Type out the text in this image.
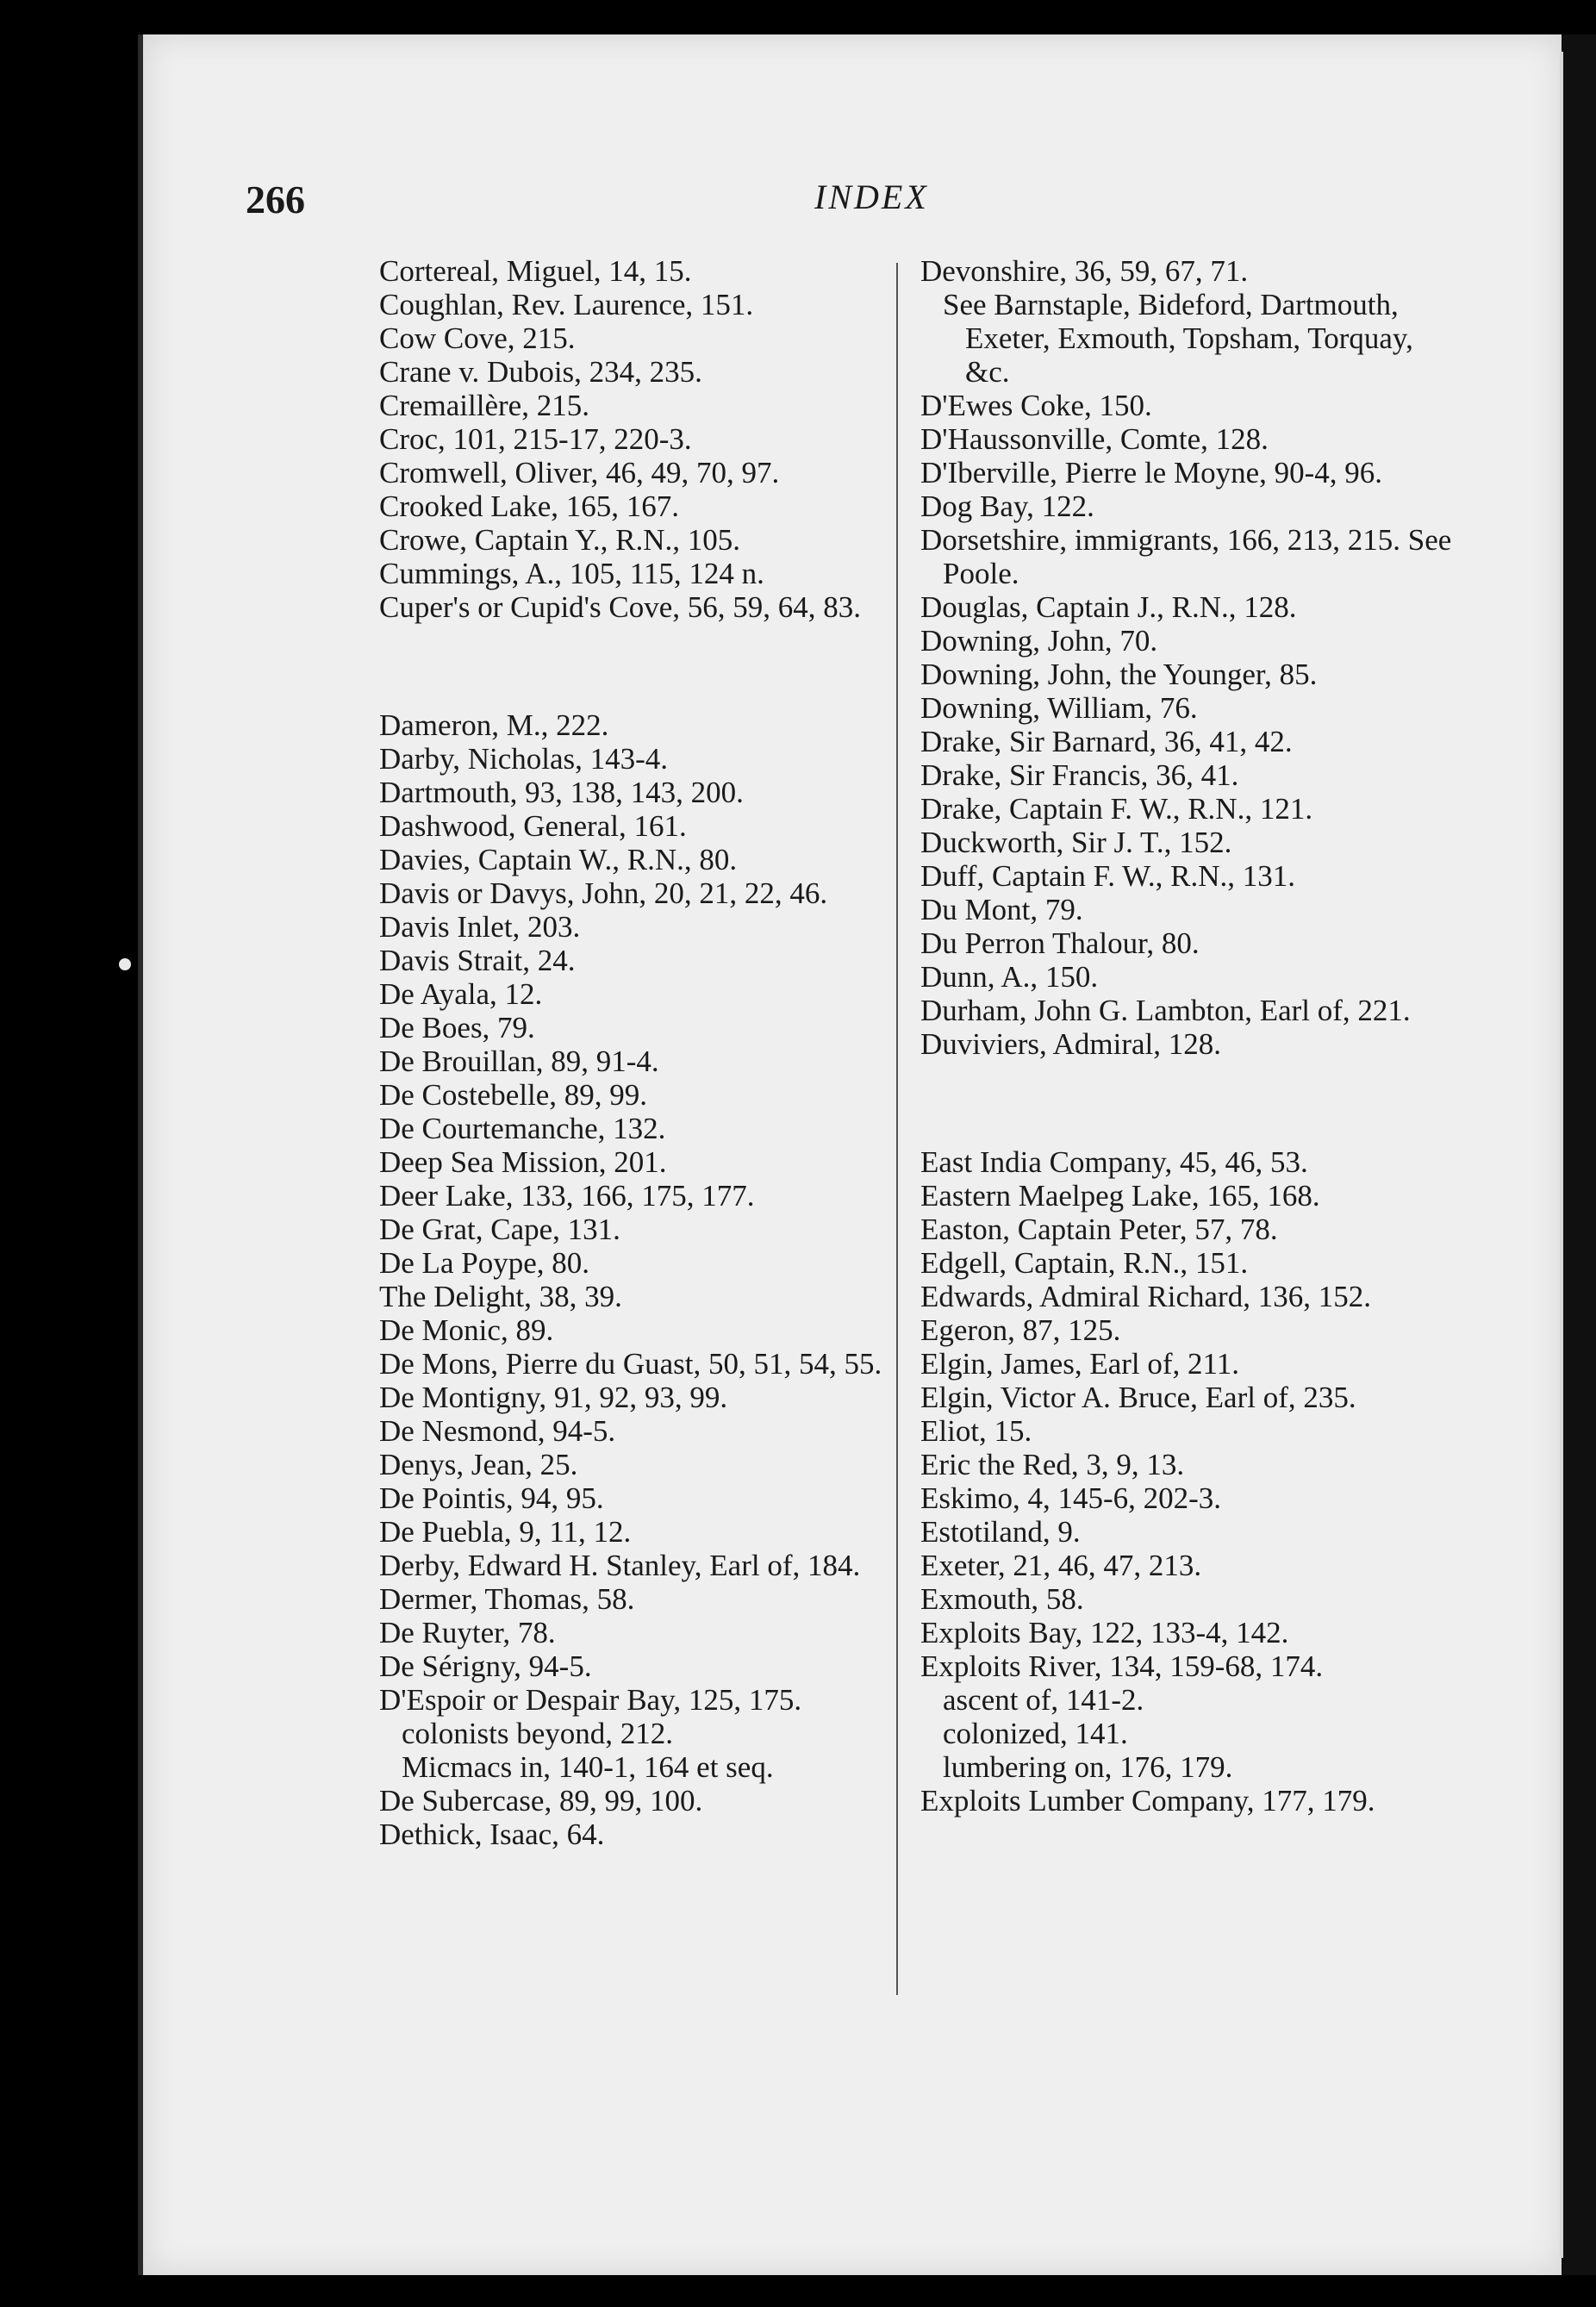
266	INDEX
Cortereal, Miguel, 14, 15.
Coughlan, Rev. Laurence, 151.
Cow Cove, 215.
Crane v. Dubois, 234, 235.
Cremaillère, 215.
Croc, 101, 215-17, 220-3.
Cromwell, Oliver, 46, 49, 70, 97.
Crooked Lake, 165, 167.
Crowe, Captain Y., R.N., 105.
Cummings, A., 105, 115, 124 n.
Cuper's or Cupid's Cove, 56, 59, 64, 83.
Dameron, M., 222.
Darby, Nicholas, 143-4.
Dartmouth, 93, 138, 143, 200.
Dashwood, General, 161.
Davies, Captain W., R.N., 80.
Davis or Davys, John, 20, 21, 22, 46.
Davis Inlet, 203.
Davis Strait, 24.
De Ayala, 12.
De Boes, 79.
De Brouillan, 89, 91-4.
De Costebelle, 89, 99.
De Courtemanche, 132.
Deep Sea Mission, 201.
Deer Lake, 133, 166, 175, 177.
De Grat, Cape, 131.
De La Poype, 80.
The Delight, 38, 39.
De Monic, 89.
De Mons, Pierre du Guast, 50, 51, 54, 55.
De Montigny, 91, 92, 93, 99.
De Nesmond, 94-5.
Denys, Jean, 25.
De Pointis, 94, 95.
De Puebla, 9, 11, 12.
Derby, Edward H. Stanley, Earl of, 184.
Dermer, Thomas, 58.
De Ruyter, 78.
De Sérigny, 94-5.
D'Espoir or Despair Bay, 125, 175.
colonists beyond, 212.
Micmacs in, 140-1, 164 et seq.
De Subercase, 89, 99, 100.
Dethick, Isaac, 64.
Devonshire, 36, 59, 67, 71.
See Barnstaple, Bideford, Dartmouth, Exeter, Exmouth, Topsham, Torquay, &c.
D'Ewes Coke, 150.
D'Haussonville, Comte, 128.
D'Iberville, Pierre le Moyne, 90-4, 96.
Dog Bay, 122.
Dorsetshire, immigrants, 166, 213, 215. See Poole.
Douglas, Captain J., R.N., 128.
Downing, John, 70.
Downing, John, the Younger, 85.
Downing, William, 76.
Drake, Sir Barnard, 36, 41, 42.
Drake, Sir Francis, 36, 41.
Drake, Captain F. W., R.N., 121.
Duckworth, Sir J. T., 152.
Duff, Captain F. W., R.N., 131.
Du Mont, 79.
Du Perron Thalour, 80.
Dunn, A., 150.
Durham, John G. Lambton, Earl of, 221.
Duviviers, Admiral, 128.
East India Company, 45, 46, 53.
Eastern Maelpeg Lake, 165, 168.
Easton, Captain Peter, 57, 78.
Edgell, Captain, R.N., 151.
Edwards, Admiral Richard, 136, 152.
Egeron, 87, 125.
Elgin, James, Earl of, 211.
Elgin, Victor A. Bruce, Earl of, 235.
Eliot, 15.
Eric the Red, 3, 9, 13.
Eskimo, 4, 145-6, 202-3.
Estotiland, 9.
Exeter, 21, 46, 47, 213.
Exmouth, 58.
Exploits Bay, 122, 133-4, 142.
Exploits River, 134, 159-68, 174.
ascent of, 141-2.
colonized, 141.
lumbering on, 176, 179.
Exploits Lumber Company, 177, 179.
